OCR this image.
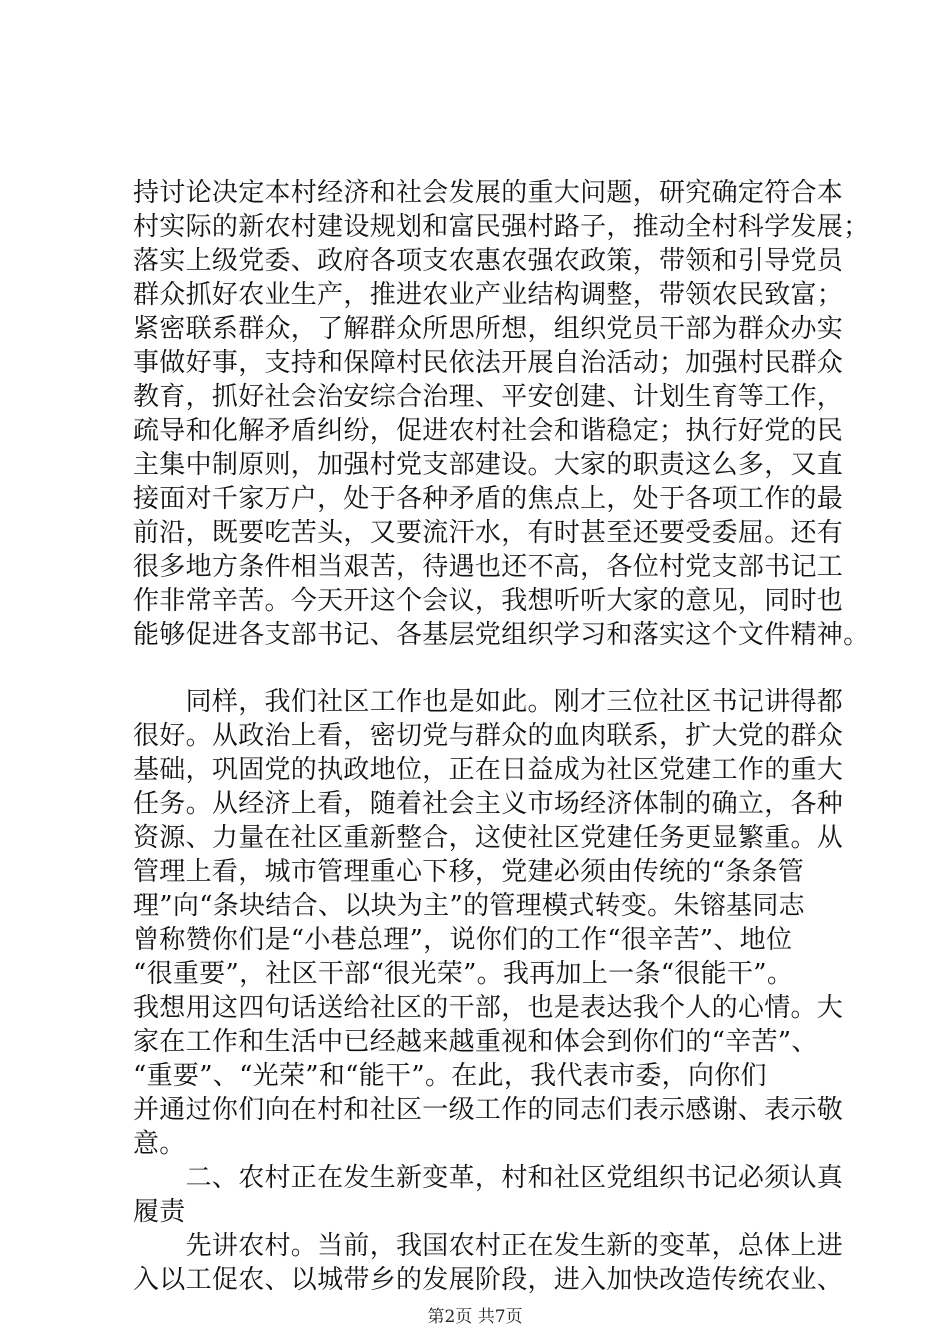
持讨论决定本村经济和社会发展的重大问题，研究确定符合本
村实际的新农村建设规划和富民强村路子，推动全村科学发展；
落实上级党委、政府各项支农惠农强农政策，带领和引导党员
群众抓好农业生产，推进农业产业结构调整，带领农民致富；
紧密联系群众，了解群众所思所想，组织党员干部为群众办实
事做好事，支持和保障村民依法开展自治活动；加强村民群众
教育，抓好社会治安综合治理、平安创建、计划生育等工作，
疏导和化解矛盾纠纷，促进农村社会和谐稳定；执行好党的民
主集中制原则，加强村党支部建设。大家的职责这么多，又直
接面对千家万户，处于各种矛盾的焦点上，处于各项工作的最
前沿，既要吃苦头，又要流汗水，有时甚至还要受委屈。还有
很多地方条件相当艰苦，待遇也还不高，各位村党支部书记工
作非常辛苦。今天开这个会议，我想听听大家的意见，同时也
能够促进各支部书记、各基层党组织学习和落实这个文件精神。
　　同样，我们社区工作也是如此。刚才三位社区书记讲得都
很好。从政治上看，密切党与群众的血肉联系，扩大党的群众
基础，巩固党的执政地位，正在日益成为社区党建工作的重大
任务。从经济上看，随着社会主义市场经济体制的确立，各种
资源、力量在社区重新整合，这使社区党建任务更显繁重。从
管理上看，城市管理重心下移，党建必须由传统的“条条管
理”向“条块结合、以块为主”的管理模式转变。朱镕基同志
曾称赞你们是“小巷总理”，说你们的工作“很辛苦”、地位
“很重要”，社区干部“很光荣”。我再加上一条“很能干”。
我想用这四句话送给社区的干部，也是表达我个人的心情。大
家在工作和生活中已经越来越重视和体会到你们的“辛苦”、
“重要”、“光荣”和“能干”。在此，我代表市委，向你们
并通过你们向在村和社区一级工作的同志们表示感谢、表示敬
意。
　　二、农村正在发生新变革，村和社区党组织书记必须认真
履责
　　先讲农村。当前，我国农村正在发生新的变革，总体上进
入以工促农、以城带乡的发展阶段，进入加快改造传统农业、
第2页 共7页
